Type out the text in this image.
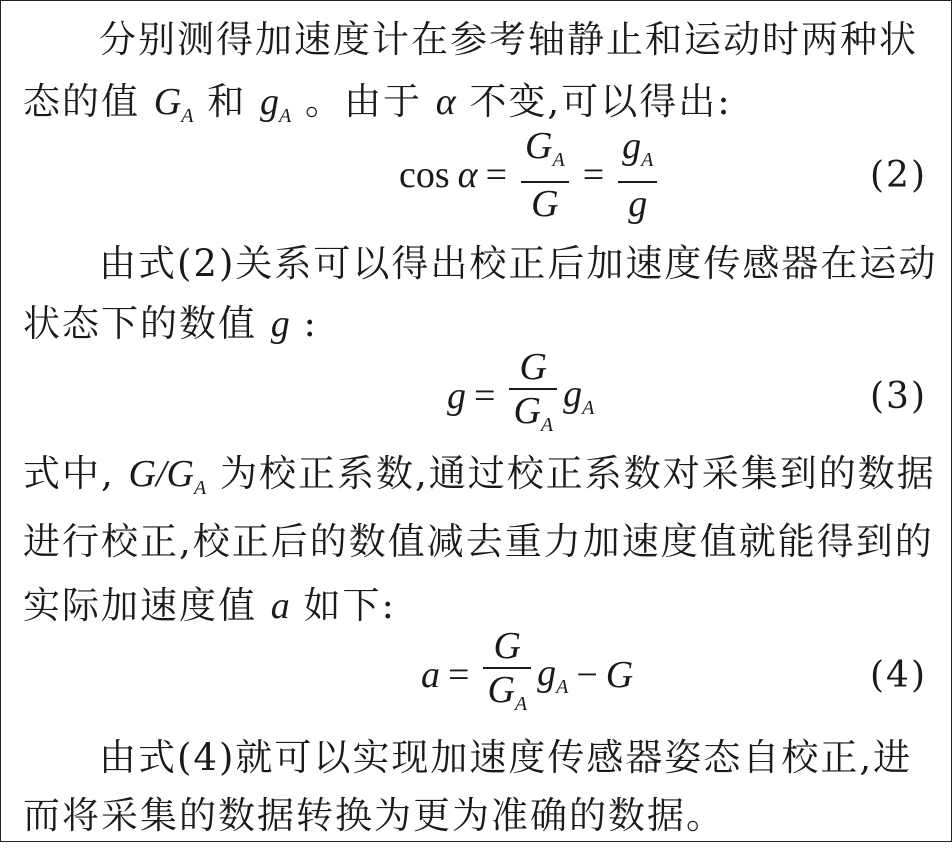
分别测得加速度计在参考轴静止和运动时两种状
态的值 $G_A$ 和 $g_A$ 。由于 α 不变,可以得出:
$\cos \alpha = \frac{G_A}{G} = \frac{g_A}{g}$	(2)
由式(2)关系可以得出校正后加速度传感器在运动
状态下的数值 g :
$g = \frac{G}{G_A} g_A$	(3)
式中, $G/G_A$ 为校正系数,通过校正系数对采集到的数据
进行校正,校正后的数值减去重力加速度值就能得到的
实际加速度值 a 如下:
$a = \frac{G}{G_A} g_A - G$	(4)
由式(4)就可以实现加速度传感器姿态自校正,进
而将采集的数据转换为更为准确的数据。
